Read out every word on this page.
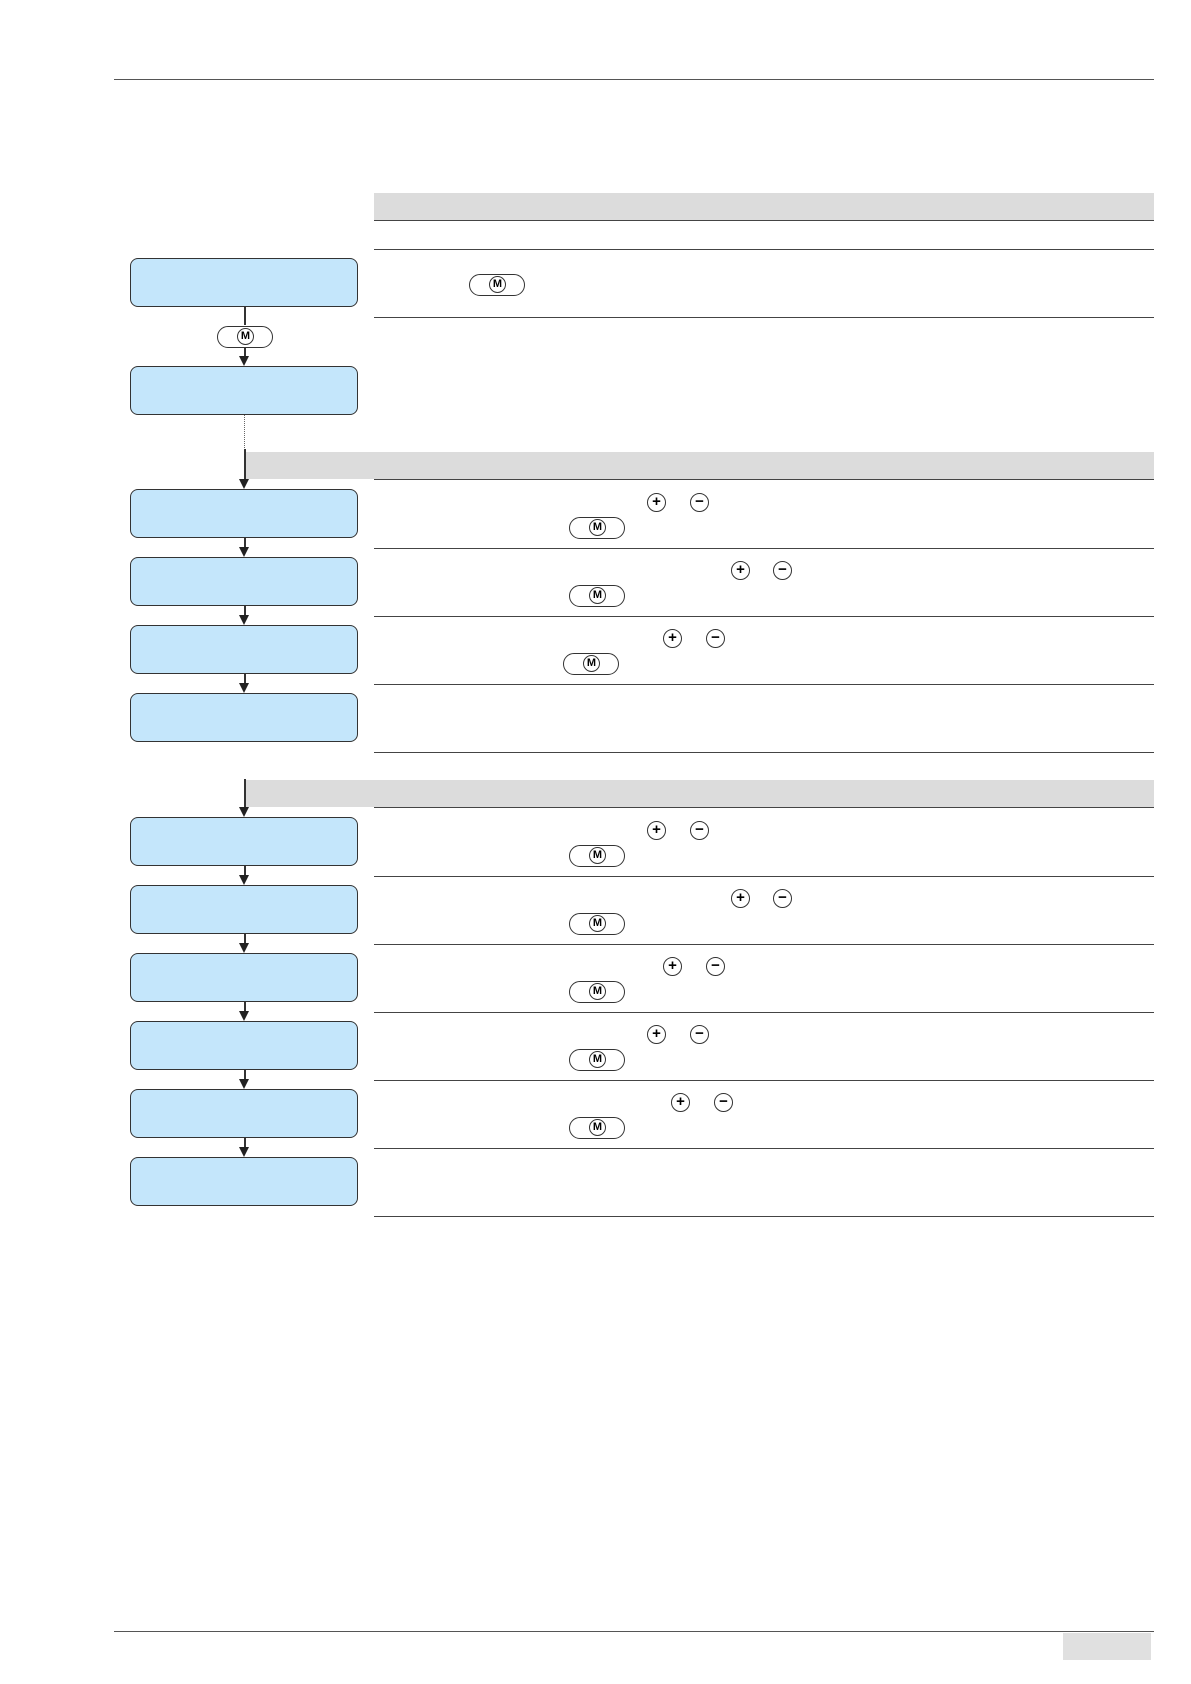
M
M
+	−
M
+	−
M
+	−
M
+	−
M
+	−
M
+	−
M
+	−
M
+	−
M
